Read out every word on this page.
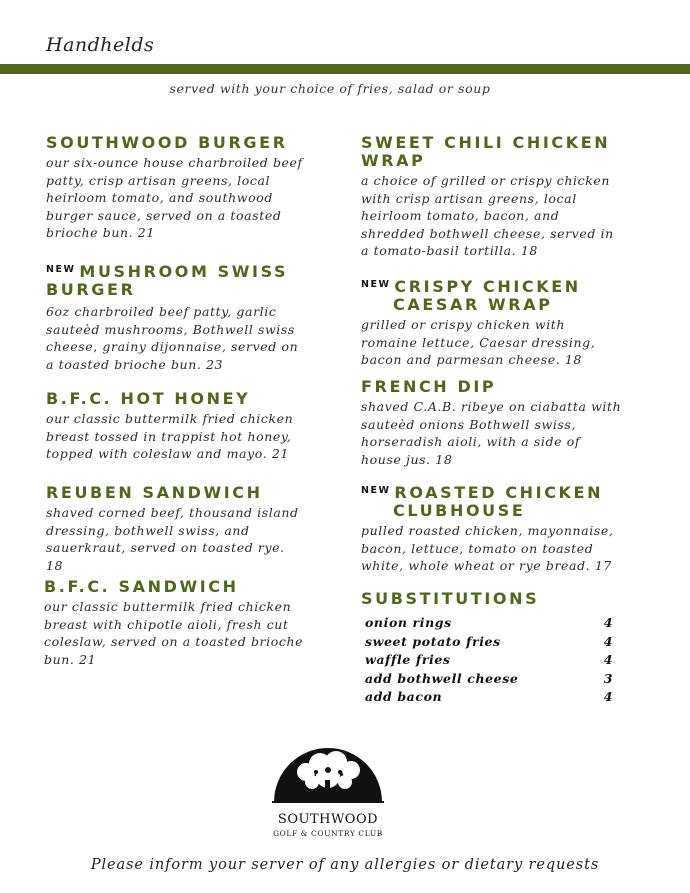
Handhelds
served with your choice of fries, salad or soup
SOUTHWOOD BURGER
our six-ounce house charbroiled beef patty, crisp artisan greens, local heirloom tomato, and southwood burger sauce, served on a toasted brioche bun. 21
$^{NEW}$ MUSHROOM SWISS
BURGER
6oz charbroiled beef patty, garlic sauteèd mushrooms, Bothwell swiss cheese, grainy dijonnaise, served on a toasted brioche bun. 23
B.F.C. HOT HONEY
our classic buttermilk fried chicken breast tossed in trappist hot honey, topped with coleslaw and mayo. 21
REUBEN SANDWICH
shaved corned beef, thousand island dressing, bothwell swiss, and sauerkraut, served on toasted rye. 18
B.F.C. SANDWICH
our classic buttermilk fried chicken breast with chipotle aioli, fresh cut coleslaw, served on a toasted brioche bun. 21
SWEET CHILI CHICKEN
WRAP
a choice of grilled or crispy chicken with crisp artisan greens, local heirloom tomato, bacon, and shredded bothwell cheese, served in a tomato-basil tortilla. 18
$^{NEW}$ CRISPY CHICKEN
CAESAR WRAP
grilled or crispy chicken with romaine lettuce, Caesar dressing, bacon and parmesan cheese. 18
FRENCH DIP
shaved C.A.B. ribeye on ciabatta with sauteèd onions Bothwell swiss, horseradish aioli, with a side of house jus. 18
$^{NEW}$ ROASTED CHICKEN
CLUBHOUSE
pulled roasted chicken, mayonnaise, bacon, lettuce, tomato on toasted white, whole wheat or rye bread. 17
SUBSTITUTIONS
onion rings	4
sweet potato fries	4
waffle fries	4
add bothwell cheese	3
add bacon	4
SOUTHWOOD
GOLF & COUNTRY CLUB
Please inform your server of any allergies or dietary requests
